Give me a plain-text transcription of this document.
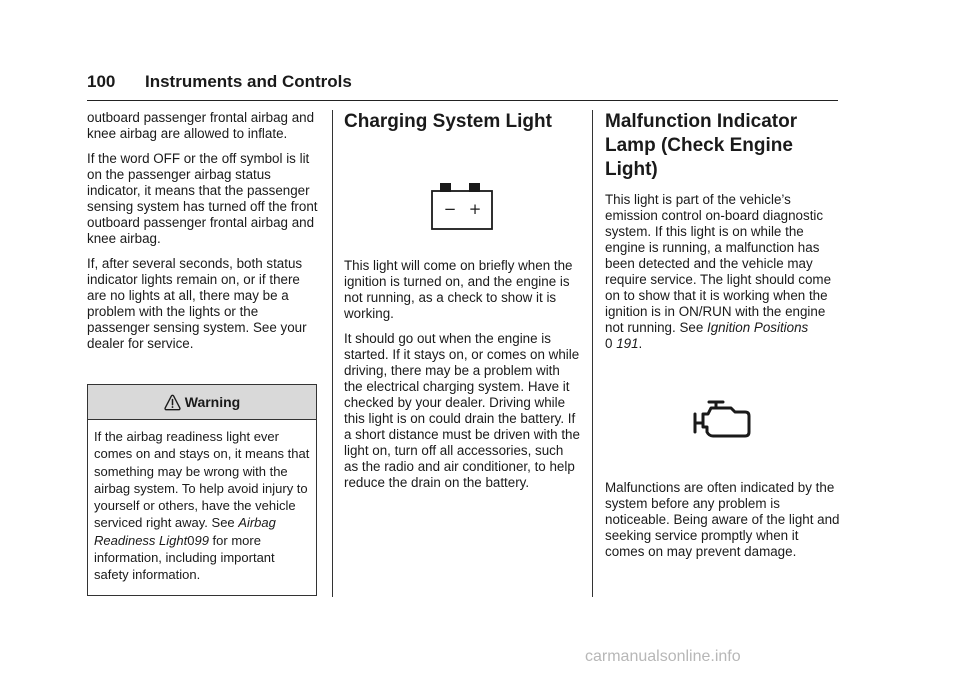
100 Instruments and Controls

outboard passenger frontal airbag and knee airbag are allowed to inflate.

If the word OFF or the off symbol is lit on the passenger airbag status indicator, it means that the passenger sensing system has turned off the front outboard passenger frontal airbag and knee airbag.

If, after several seconds, both status indicator lights remain on, or if there are no lights at all, there may be a problem with the lights or the passenger sensing system. See your dealer for service.

Warning
If the airbag readiness light ever comes on and stays on, it means that something may be wrong with the airbag system. To help avoid injury to yourself or others, have the vehicle serviced right away. See Airbag Readiness Light099 for more information, including important safety information.
Charging System Light
− +

This light will come on briefly when the ignition is turned on, and the engine is not running, as a check to show it is working.

It should go out when the engine is started. If it stays on, or comes on while driving, there may be a problem with the electrical charging system. Have it checked by your dealer. Driving while this light is on could drain the battery. If a short distance must be driven with the light on, turn off all accessories, such as the radio and air conditioner, to help reduce the drain on the battery.

Malfunction Indicator Lamp (Check Engine Light)

This light is part of the vehicle’s emission control on-board diagnostic system. If this light is on while the engine is running, a malfunction has been detected and the vehicle may require service. The light should come on to show that it is working when the ignition is in ON/RUN with the engine not running. See Ignition Positions
0 191.

Malfunctions are often indicated by the system before any problem is noticeable. Being aware of the light and seeking service promptly when it comes on may prevent damage.

carmanualsonline.info
